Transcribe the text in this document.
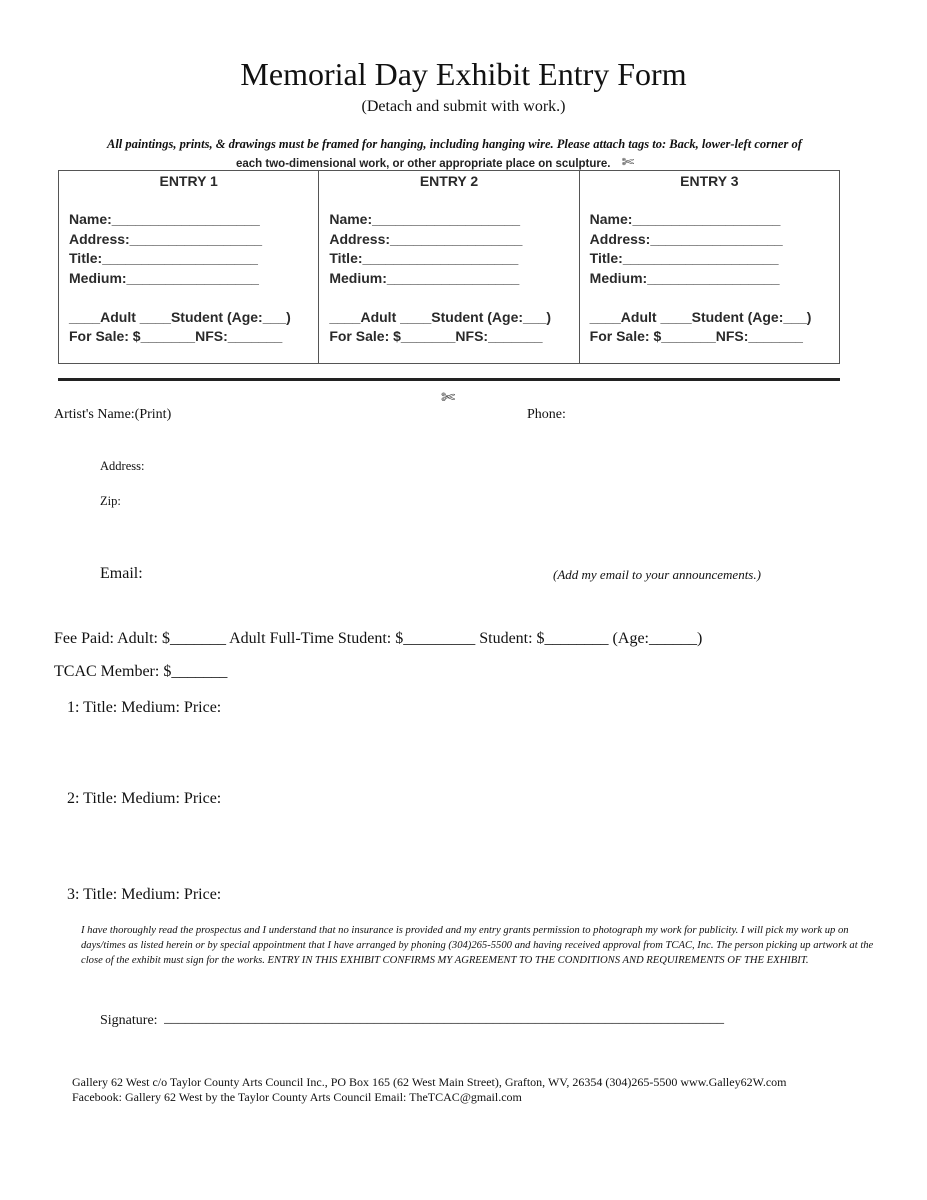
Memorial Day Exhibit Entry Form
(Detach and submit with work.)
All paintings, prints, & drawings must be framed for hanging, including hanging wire. Please attach tags to: Back, lower-left corner of
each two-dimensional work, or other appropriate place on sculpture. ✄
ENTRY 1
Name:___________________
Address:_________________
Title:____________________
Medium:_________________
____Adult ____Student (Age:___)
For Sale: $_______NFS:_______
ENTRY 2
Name:___________________
Address:_________________
Title:____________________
Medium:_________________
____Adult ____Student (Age:___)
For Sale: $_______NFS:_______
ENTRY 3
Name:___________________
Address:_________________
Title:____________________
Medium:_________________
____Adult ____Student (Age:___)
For Sale: $_______NFS:_______
✄
Artist's Name:(Print)	Phone:
Address:
Zip:
Email:	(Add my email to your announcements.)
Fee Paid: Adult: $_______ Adult Full-Time Student: $_________ Student: $________ (Age:______)
TCAC Member: $_______
1: Title: Medium: Price:
2: Title: Medium: Price:
3: Title: Medium: Price:
I have thoroughly read the prospectus and I understand that no insurance is provided and my entry grants permission to photograph my work for publicity. I will pick my work up on days/times as listed herein or by special appointment that I have arranged by phoning (304)265-5500 and having received approval from TCAC, Inc. The person picking up artwork at the close of the exhibit must sign for the works. ENTRY IN THIS EXHIBIT CONFIRMS MY AGREEMENT TO THE CONDITIONS AND REQUIREMENTS OF THE EXHIBIT.
Signature: ________________________________________________________________________________
Gallery 62 West c/o Taylor County Arts Council Inc., PO Box 165 (62 West Main Street), Grafton, WV, 26354 (304)265-5500 www.Galley62W.com
Facebook: Gallery 62 West by the Taylor County Arts Council Email: TheTCAC@gmail.com
